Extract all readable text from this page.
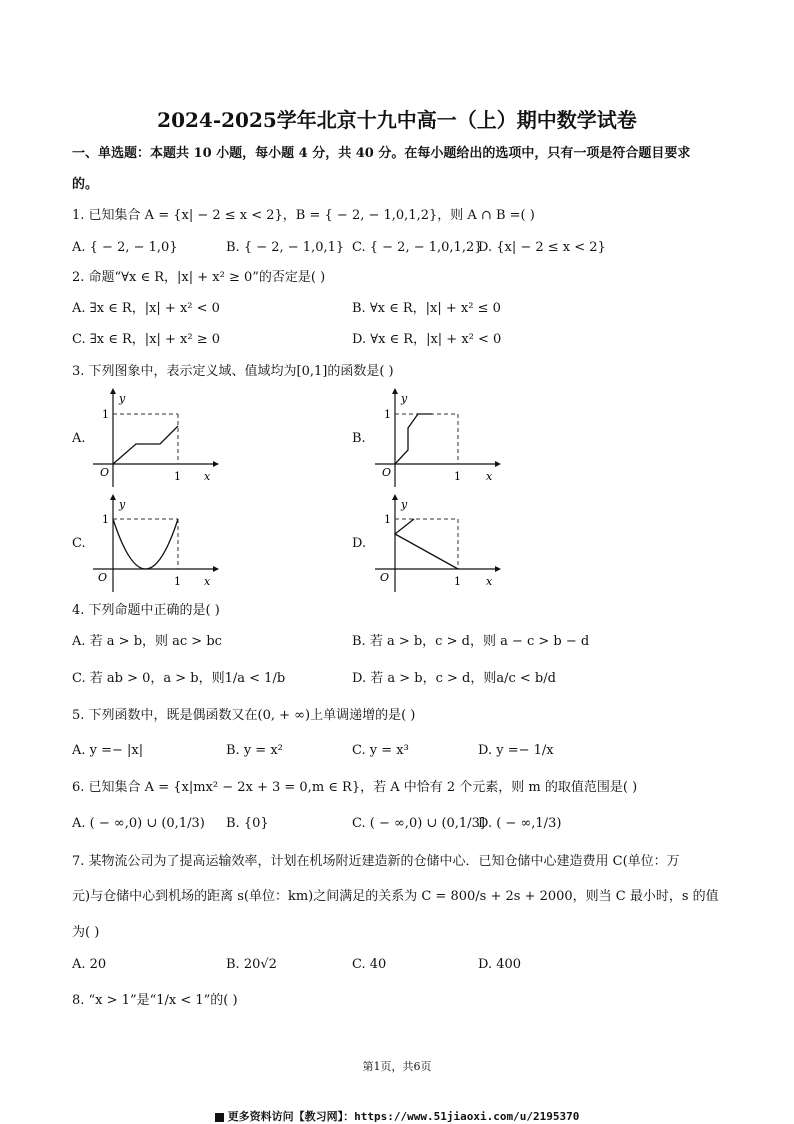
2024-2025学年北京十九中高一（上）期中数学试卷
一、单选题：本题共 10 小题，每小题 4 分，共 40 分。在每小题给出的选项中，只有一项是符合题目要求
的。
1. 已知集合 A = {x| − 2 ≤ x < 2}，B = { − 2, − 1,0,1,2}，则 A ∩ B =( )
A. { − 2, − 1,0}	B. { − 2, − 1,0,1} C. { − 2, − 1,0,1,2}
D. {x| − 2 ≤ x < 2}
2. 命题“∀x ∈ R，|x| + x² ≥ 0”的否定是( )
A. ∃x ∈ R，|x| + x² < 0	B. ∀x ∈ R，|x| + x² ≤ 0
C. ∃x ∈ R，|x| + x² ≥ 0	D. ∀x ∈ R，|x| + x² < 0
3. 下列图象中，表示定义域、值域均为[0,1]的函数是( )
A.
y
1
O	1 x
B.
y
1
O	1 x
C.
y
1
O	1 x
D.
y
1
O	1 x
4. 下列命题中正确的是( )
A. 若 a > b，则 ac > bc	B. 若 a > b，c > d，则 a − c > b − d
C. 若 ab > 0，a > b，则1/a < 1/b	D. 若 a > b，c > d，则a/c < b/d
5. 下列函数中，既是偶函数又在(0, + ∞)上单调递增的是( )
A. y =− |x|	B. y = x²	C. y = x³	D. y =− 1/x
6. 已知集合 A = {x|mx² − 2x + 3 = 0,m ∈ R}，若 A 中恰有 2 个元素，则 m 的取值范围是( )
A. ( − ∞,0) ∪ (0,1/3) B. {0}	C. ( − ∞,0) ∪ (0,1/3]
D. ( − ∞,1/3)
7. 某物流公司为了提高运输效率，计划在机场附近建造新的仓储中心．已知仓储中心建造费用 C(单位：万
元)与仓储中心到机场的距离 s(单位：km)之间满足的关系为 C = 800/s + 2s + 2000，则当 C 最小时，s 的值
为( )
A. 20	B. 20√2	C. 40	D. 400
8. “x > 1”是“1/x < 1”的( )
第1页，共6页
更多资料访问【教习网】：https://www.51jiaoxi.com/u/2195370
